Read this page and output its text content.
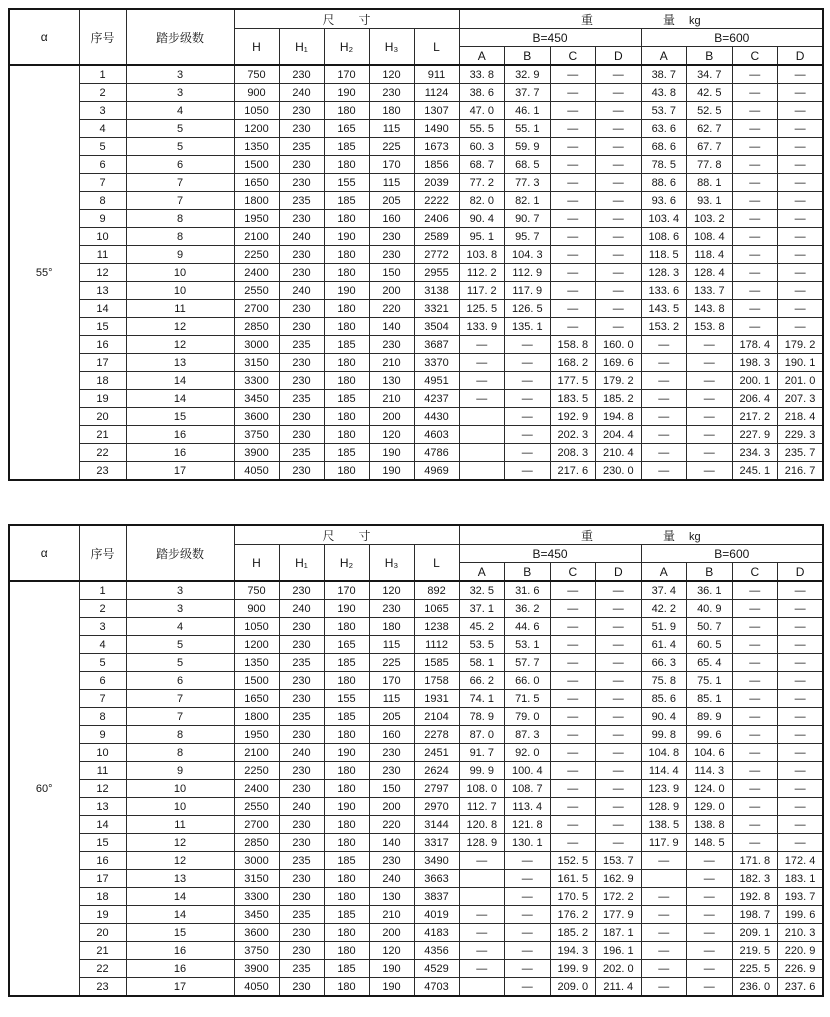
α	序号	踏步级数	尺 寸					重 量 kg							
			H	H₁	H₂	H₃	L	B=450				B=600			
								A	B	C	D	A	B	C	D
55°	1	3	750	230	170	120	911	33. 8	32. 9	—	—	38. 7	34. 7	—	—
	2	3	900	240	190	230	1124	38. 6	37. 7	—	—	43. 8	42. 5	—	—
	3	4	1050	230	180	180	1307	47. 0	46. 1	—	—	53. 7	52. 5	—	—
	4	5	1200	230	165	115	1490	55. 5	55. 1	—	—	63. 6	62. 7	—	—
	5	5	1350	235	185	225	1673	60. 3	59. 9	—	—	68. 6	67. 7	—	—
	6	6	1500	230	180	170	1856	68. 7	68. 5	—	—	78. 5	77. 8	—	—
	7	7	1650	230	155	115	2039	77. 2	77. 3	—	—	88. 6	88. 1	—	—
	8	7	1800	235	185	205	2222	82. 0	82. 1	—	—	93. 6	93. 1	—	—
	9	8	1950	230	180	160	2406	90. 4	90. 7	—	—	103. 4	103. 2	—	—
	10	8	2100	240	190	230	2589	95. 1	95. 7	—	—	108. 6	108. 4	—	—
	11	9	2250	230	180	230	2772	103. 8	104. 3	—	—	118. 5	118. 4	—	—
	12	10	2400	230	180	150	2955	112. 2	112. 9	—	—	128. 3	128. 4	—	—
	13	10	2550	240	190	200	3138	117. 2	117. 9	—	—	133. 6	133. 7	—	—
	14	11	2700	230	180	220	3321	125. 5	126. 5	—	—	143. 5	143. 8	—	—
	15	12	2850	230	180	140	3504	133. 9	135. 1	—	—	153. 2	153. 8	—	—
	16	12	3000	235	185	230	3687	—	—	158. 8	160. 0	—	—	178. 4	179. 2
	17	13	3150	230	180	210	3370	—	—	168. 2	169. 6	—	—	198. 3	190. 1
	18	14	3300	230	180	130	4951	—	—	177. 5	179. 2	—	—	200. 1	201. 0
	19	14	3450	235	185	210	4237	—	—	183. 5	185. 2	—	—	206. 4	207. 3
	20	15	3600	230	180	200	4430		—	192. 9	194. 8	—	—	217. 2	218. 4
	21	16	3750	230	180	120	4603		—	202. 3	204. 4	—	—	227. 9	229. 3
	22	16	3900	235	185	190	4786		—	208. 3	210. 4	—	—	234. 3	235. 7
	23	17	4050	230	180	190	4969		—	217. 6	230. 0	—	—	245. 1	216. 7
α	序号	踏步级数	尺 寸					重 量 kg							
			H	H₁	H₂	H₃	L	B=450				B=600			
								A	B	C	D	A	B	C	D
60°	1	3	750	230	170	120	892	32. 5	31. 6	—	—	37. 4	36. 1	—	—
	2	3	900	240	190	230	1065	37. 1	36. 2	—	—	42. 2	40. 9	—	—
	3	4	1050	230	180	180	1238	45. 2	44. 6	—	—	51. 9	50. 7	—	—
	4	5	1200	230	165	115	1112	53. 5	53. 1	—	—	61. 4	60. 5	—	—
	5	5	1350	235	185	225	1585	58. 1	57. 7	—	—	66. 3	65. 4	—	—
	6	6	1500	230	180	170	1758	66. 2	66. 0	—	—	75. 8	75. 1	—	—
	7	7	1650	230	155	115	1931	74. 1	71. 5	—	—	85. 6	85. 1	—	—
	8	7	1800	235	185	205	2104	78. 9	79. 0	—	—	90. 4	89. 9	—	—
	9	8	1950	230	180	160	2278	87. 0	87. 3	—	—	99. 8	99. 6	—	—
	10	8	2100	240	190	230	2451	91. 7	92. 0	—	—	104. 8	104. 6	—	—
	11	9	2250	230	180	230	2624	99. 9	100. 4	—	—	114. 4	114. 3	—	—
	12	10	2400	230	180	150	2797	108. 0	108. 7	—	—	123. 9	124. 0	—	—
	13	10	2550	240	190	200	2970	112. 7	113. 4	—	—	128. 9	129. 0	—	—
	14	11	2700	230	180	220	3144	120. 8	121. 8	—	—	138. 5	138. 8	—	—
	15	12	2850	230	180	140	3317	128. 9	130. 1	—	—	117. 9	148. 5	—	—
	16	12	3000	235	185	230	3490	—	—	152. 5	153. 7	—	—	171. 8	172. 4
	17	13	3150	230	180	240	3663		—	161. 5	162. 9		—	182. 3	183. 1
	18	14	3300	230	180	130	3837		—	170. 5	172. 2	—	—	192. 8	193. 7
	19	14	3450	235	185	210	4019	—	—	176. 2	177. 9	—	—	198. 7	199. 6
	20	15	3600	230	180	200	4183	—	—	185. 2	187. 1	—	—	209. 1	210. 3
	21	16	3750	230	180	120	4356	—	—	194. 3	196. 1	—	—	219. 5	220. 9
	22	16	3900	235	185	190	4529	—	—	199. 9	202. 0	—	—	225. 5	226. 9
	23	17	4050	230	180	190	4703		—	209. 0	211. 4	—	—	236. 0	237. 6
